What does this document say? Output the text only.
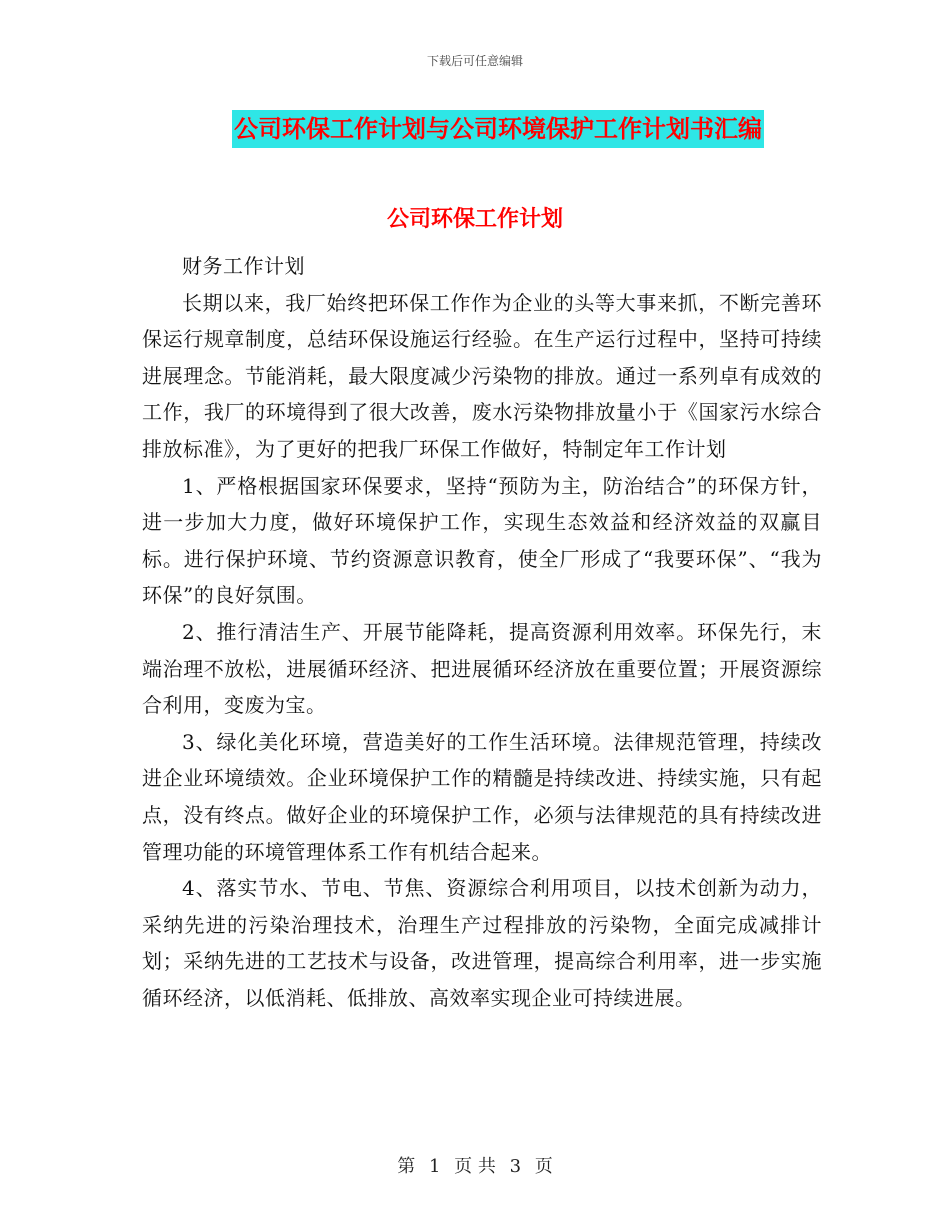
下载后可任意编辑
公司环保工作计划与公司环境保护工作计划书汇编
公司环保工作计划

财务工作计划

长期以来，我厂始终把环保工作作为企业的头等大事来抓，不断完善环保运行规章制度，总结环保设施运行经验。在生产运行过程中，坚持可持续进展理念。节能消耗，最大限度减少污染物的排放。通过一系列卓有成效的工作，我厂的环境得到了很大改善，废水污染物排放量小于《国家污水综合排放标准》，为了更好的把我厂环保工作做好，特制定年工作计划

1、严格根据国家环保要求，坚持“预防为主，防治结合”的环保方针，进一步加大力度，做好环境保护工作，实现生态效益和经济效益的双赢目标。进行保护环境、节约资源意识教育，使全厂形成了“我要环保”、“我为环保”的良好氛围。

2、推行清洁生产、开展节能降耗，提高资源利用效率。环保先行，末端治理不放松，进展循环经济、把进展循环经济放在重要位置；开展资源综合利用，变废为宝。

3、绿化美化环境，营造美好的工作生活环境。法律规范管理，持续改进企业环境绩效。企业环境保护工作的精髓是持续改进、持续实施，只有起点，没有终点。做好企业的环境保护工作，必须与法律规范的具有持续改进管理功能的环境管理体系工作有机结合起来。

4、落实节水、节电、节焦、资源综合利用项目，以技术创新为动力，采纳先进的污染治理技术，治理生产过程排放的污染物，全面完成减排计划；采纳先进的工艺技术与设备，改进管理，提高综合利用率，进一步实施循环经济，以低消耗、低排放、高效率实现企业可持续进展。

第 1 页 共 3 页
